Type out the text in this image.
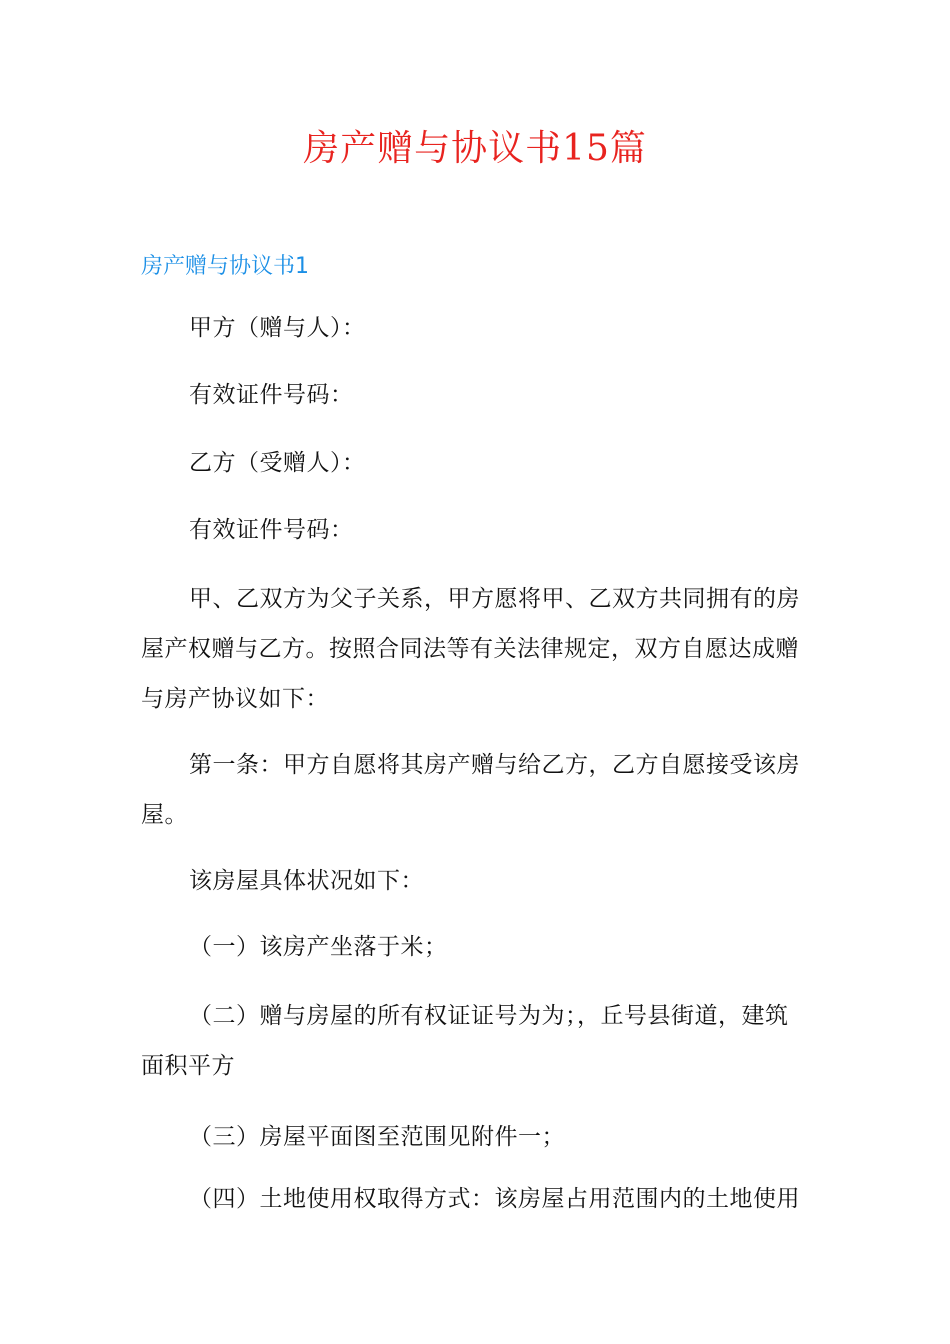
房产赠与协议书15篇
房产赠与协议书1

甲方（赠与人）：

有效证件号码：

乙方（受赠人）：

有效证件号码：

甲、乙双方为父子关系，甲方愿将甲、乙双方共同拥有的房屋产权赠与乙方。按照合同法等有关法律规定，双方自愿达成赠与房产协议如下：

第一条：甲方自愿将其房产赠与给乙方，乙方自愿接受该房屋。

该房屋具体状况如下：

（一）该房产坐落于米；

（二）赠与房屋的所有权证证号为为；，丘号县街道，建筑面积平方

（三）房屋平面图至范围见附件一；

（四）土地使用权取得方式：该房屋占用范围内的土地使用
